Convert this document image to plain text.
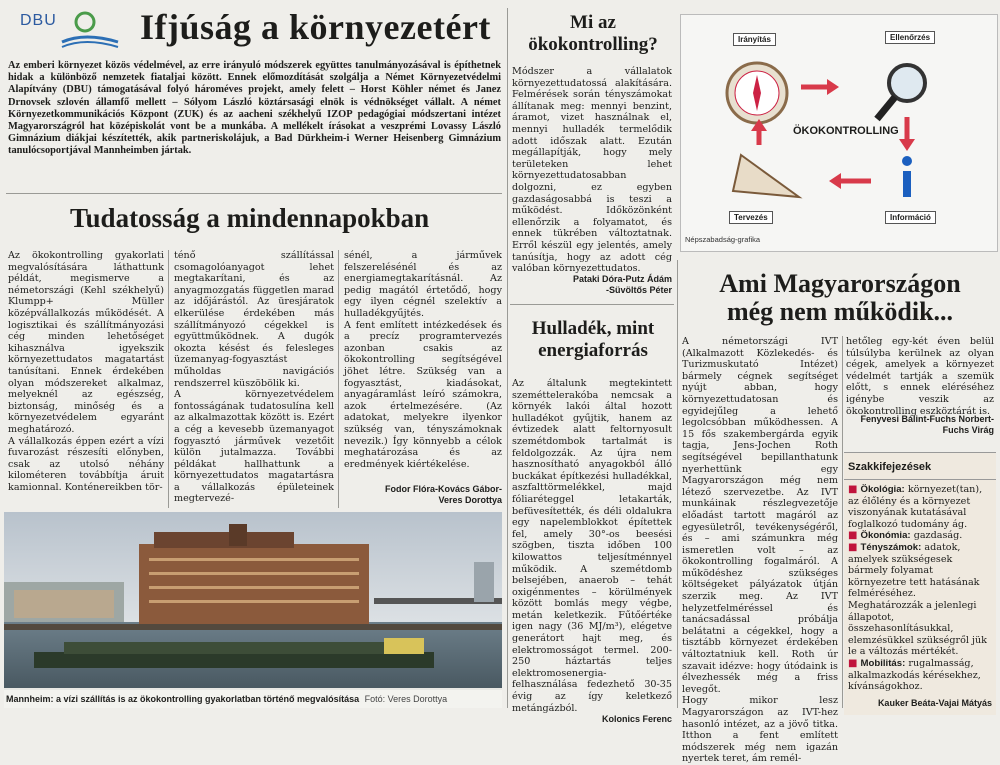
DBU Ifjúság a környezetért

Az emberi környezet közös védelmével, az erre irányuló módszerek együttes tanulmányozásával is építhetnek hidak a különböző nemzetek fiataljai között. Ennek előmozdítását szolgálja a Német Környezetvédelmi Alapítvány (DBU) támogatásával folyó hároméves projekt, amely felett – Horst Köhler német és Janez Drnovsek szlovén államfő mellett – Sólyom László köztársasági elnök is védnökséget vállalt. A német Környezetkommunikációs Központ (ZUK) és az aacheni székhelyű IZOP pedagógiai módszertani intézet Magyarországról hat középiskolát vont be a munkába. A mellékelt írásokat a veszprémi Lovassy László Gimnázium diákjai készítették, akik partneriskolájuk, a Bad Dürkheim-i Werner Heisenberg Gimnázium tanulócsoportjával Mannheimben jártak.

Tudatosság a mindennapokban

Az ökokontrolling gyakorlati megvalósítására láthattunk példát, megismerve a németországi (Kehl székhelyű) Klumpp+ Müller középvállalkozás működését. A logisztikai és szállítmányozási cég minden lehetőséget kihasználva igyekszik környezettudatos magatartást tanúsítani. Ennek érdekében olyan módszereket alkalmaz, melyeknél az egészség, biztonság, minőség és a környezetvédelem egyaránt meghatározó.
A vállalkozás éppen ezért a vízi fuvarozást részesíti előnyben, csak az utolsó néhány kilométeren továbbítja áruit kamionnal. Konténereikben tör-

ténő szállítással csomagolóanyagot lehet megtakarítani, és az anyagmozgatás független marad az időjárástól. Az üresjáratok elkerülése érdekében más szállítmányozó cégekkel is együttműködnek. A dugók okozta késést és felesleges üzemanyag-fogyasztást műholdas navigációs rendszerrel küszöbölik ki.
A környezetvédelem fontosságának tudatosulína kell az alkalmazottak között is. Ezért a cég a kevesebb üzemanyagot fogyasztó járművek vezetőit külön jutalmazza. További példákat hallhattunk a környezettudatos magatartásra a vállalkozás épületeinek megtervezé-

sénél, a járművek felszerelésénél és az energiamegtakarításnál. Az pedig magától értetődő, hogy egy ilyen cégnél szelektív a hulladékgyűjtés.
A fent említett intézkedések és a precíz programtervezés azonban csakis az ökokontrolling segítségével jöhet létre. Szükség van a fogyasztást, kiadásokat, anyagáramlást leíró számokra, azok értelmezésére. (Az adatokat, melyekre ilyenkor szükség van, tényszámoknak nevezik.) Így könnyebb a célok meghatározása és az eredmények kiértékelése.

Fodor Flóra-Kovács Gábor-
Veres Dorottya
Mannheim: a vízi szállítás is az ökokontrolling gyakorlatban történő megvalósítása Fotó: Veres Dorottya
Mi az
ökokontrolling?

Módszer a vállalatok környezettudatossá alakítására. Felmérések során tényszámokat állítanak meg: mennyi benzint, áramot, vizet használnak el, mennyi hulladék termelődik adott időszak alatt. Ezután megállapítják, hogy mely területeken lehet környezettudatosabban dolgozni, ez egyben gazdaságosabbá is teszi a működést. Időközönként ellenőrzik a folyamatot, és ennek tükrében változtatnak. Erről készül egy jelentés, amely tanúsítja, hogy az adott cég valóban környezettudatos.

Pataki Dóra-Putz Ádám
-Süvöltős Péter
Hulladék, mint
energiaforrás

Az általunk megtekintett szeméttelerakóba nemcsak a környék lakói által hozott hulladékot gyűjtik, hanem az évtizedek alatt feltornyosult szemétdombok tartalmát is feldolgozzák. Az újra nem hasznosítható anyagokból álló buckákat építkezési hulladékkal, aszfalttörmelékkel, majd fóliaréteggel letakarták, befüvesítették, és déli oldalukra egy napelemblokkot építettek fel, amely 30°-os beesési szögben, tiszta időben 100 kilowattos teljesítménnyel működik. A szemétdomb belsejében, anaerob – tehát oxigénmentes – körülmények között bomlás megy végbe, metán keletkezik. Fűtőértéke igen nagy (36 MJ/m³), elégetve generátort hajt meg, és elektromosságot termel. 200-250 háztartás teljes elektromosenergia-felhasználása fedezhető 30-35 évig az így keletkező metángázból.

Kolonics Ferenc
ÖKOKONTROLLING
Irányítás	Ellenőrzés
Tervezés	Információ
Népszabadság-grafika
Ami Magyarországon
még nem működik...

A németországi IVT (Alkalmazott Közlekedés- és Turizmuskutató Intézet) bármely cégnek segítséget nyújt abban, hogy környezettudatosan és egyidejűleg a lehető legolcsóbban működhessen. A 15 fős szakembergárda egyik tagja, Jens-Jochen Roth segítségével bepillanthatunk nyerhettünk egy Magyarországon még nem létező szervezetbe. Az IVT munkáinak részlegvezetője előadást tartott magáról az egyesületről, tevékenységéről, és – ami számunkra még ismeretlen volt – az ökokontrolling fogalmáról. A működéshez szükséges költségeket pályázatok útján szerzik meg. Az IVT helyzetfelméréssel és tanácsadással próbálja belátatni a cégekkel, hogy a tisztább környezet érdekében változtatniuk kell. Roth úr szavait idézve: hogy útódaink is élvezhessék még a friss levegőt.
Hogy mikor lesz Magyarországon az IVT-hez hasonló intézet, az a jövő titka. Itthon a fent említett módszerek még nem igazán nyertek teret, ám remél-

hetőleg egy-két éven belül túlsúlyba kerülnek az olyan cégek, amelyek a környezet védelmét tartják a szemük előtt, s ennek eléréséhez igénybe veszik az ökokontrolling eszköztárát is.

Fenyvesi Bálint-Fuchs Norbert-
Fuchs Virág
Szakkifejezések

■ Ökológia: környezet(tan), az élőlény és a környezet viszonyának kutatásával foglalkozó tudomány ág.

■ Ökonómia: gazdaság.

■ Tényszámok: adatok, amelyek szükségesek bármely folyamat környezetre tett hatásának felméréséhez. Meghatározzák a jelenlegi állapotot, összehasonlításukkal, elemzésükkel szükségről jük le a változás mértékét.

■ Mobilitás: rugalmasság, alkalmazkodás kérésekhez, kívánságokhoz.

Kauker Beáta-Vajai Mátyás
